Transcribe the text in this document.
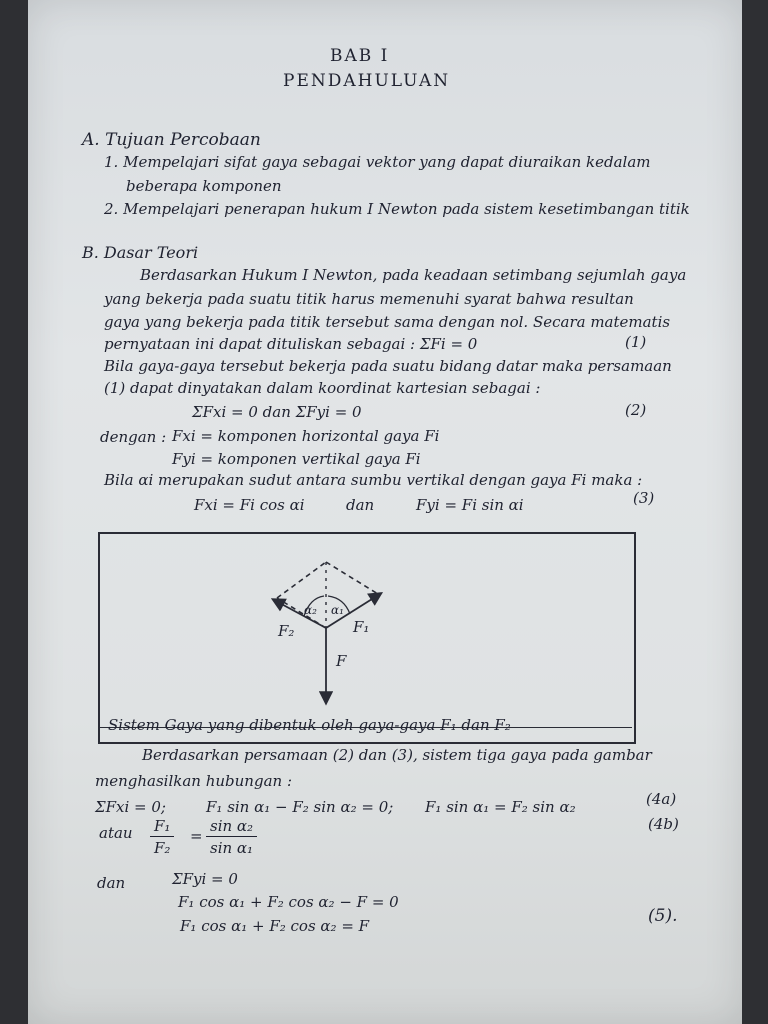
BAB I

PENDAHULUAN

A. Tujuan Percobaan

1. Mempelajari sifat gaya sebagai vektor yang dapat diuraikan kedalam

beberapa komponen

2. Mempelajari penerapan hukum I Newton pada sistem kesetimbangan titik

B. Dasar Teori

Berdasarkan Hukum I Newton, pada keadaan setimbang sejumlah gaya

yang bekerja pada suatu titik harus memenuhi syarat bahwa resultan

gaya yang bekerja pada titik tersebut sama dengan nol. Secara matematis

pernyataan ini dapat dituliskan sebagai : ΣFi = 0	(1)

Bila gaya-gaya tersebut bekerja pada suatu bidang datar maka persamaan

(1) dapat dinyatakan dalam koordinat kartesian sebagai :

ΣFxi = 0 dan ΣFyi = 0	(2)

dengan : Fxi = komponen horizontal gaya Fi

Fyi = komponen vertikal gaya Fi

Bila αi merupakan sudut antara sumbu vertikal dengan gaya Fi maka :

Fxi = Fi cos αi	dan	Fyi = Fi sin αi	(3)

α₂ α₁
F₂	F₁
F

Sistem Gaya yang dibentuk oleh gaya-gaya F₁ dan F₂

Berdasarkan persamaan (2) dan (3), sistem tiga gaya pada gambar

menghasilkan hubungan :

ΣFxi = 0;	F₁ sin α₁ − F₂ sin α₂ = 0; F₁ sin α₁ = F₂ sin α₂	(4a)

(4b)

atau $\frac{\text{F₁}}{\text{F₂}} = \frac{\text{sin α₂}}{\text{sin α₁}}$

dan	ΣFyi = 0

F₁ cos α₁ + F₂ cos α₂ − F = 0

F₁ cos α₁ + F₂ cos α₂ = F	(5).
